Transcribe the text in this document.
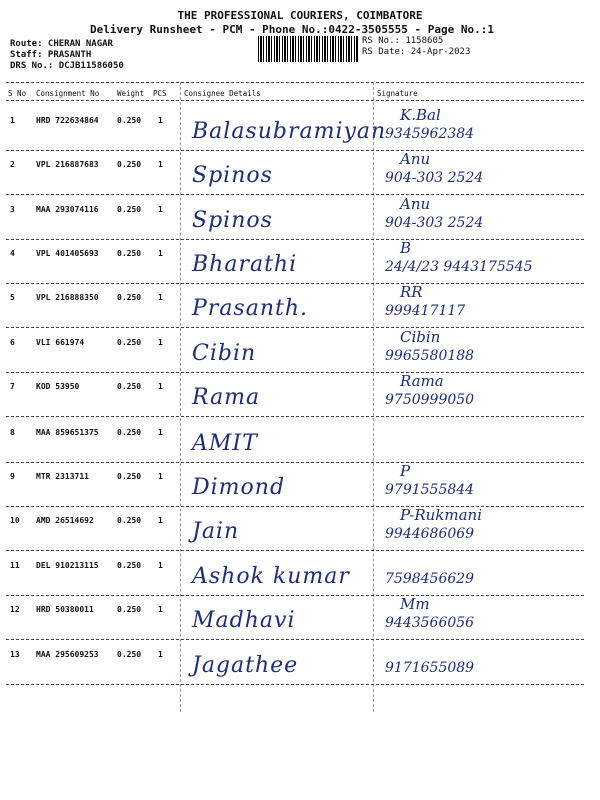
THE PROFESSIONAL COURIERS, COIMBATORE
Delivery Runsheet - PCM - Phone No.:0422-3505555 - Page No.:1
Route: CHERAN NAGAR
Staff: PRASANTH
DRS No.: DCJB11586050
RS No.: 1158605
RS Date: 24-Apr-2023
S No Consignment No Weight PCS Consignee Details	Signature
1	HRD 722634864 0.250 1 Balasubramiyan
K.Bal
9345962384
2	VPL 216887683 0.250 1 Spinos
Anu
904-303 2524
3	MAA 293074116 0.250 1 Spinos
Anu
904-303 2524
4	VPL 401405693 0.250 1 Bharathi
B
24/4/23 9443175545
5	VPL 216888350 0.250 1 Prasanth.
RR
999417117
6	VLI 661974	0.250 1 Cibin
Cibin
9965580188
7	KOD 53950	0.250 1 Rama
Rama
9750999050
8	MAA 859651375 0.250 1 AMIT
9	MTR 2313711	0.250 1 Dimond
P
9791555844
10 AMD 26514692	0.250 1 Jain
P-Rukmani
9944686069
11 DEL 910213115 0.250 1 Ashok kumar	7598456629
12 HRD 50380011	0.250 1 Madhavi
Mm
9443566056
13 MAA 295609253 0.250 1 Jagathee	9171655089
